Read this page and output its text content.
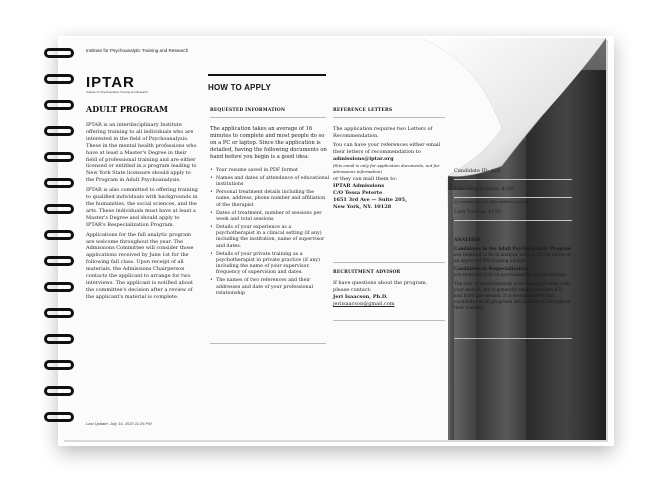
Institute for Psychoanalytic Training and Research
IPTAR
Institute for Psychoanalytic Training and Research
ADULT PROGRAM

IPTAR is an interdisciplinary Institute offering training to all individuals who are interested in the field of Psychoanalysis. These in the mental health professions who have at least a Master's Degree in their field of professional training and are either licensed or entitled in a program leading to New York State licensure should apply to the Program in Adult Psychoanalysis.

IPTAR is also committed to offering training to qualified individuals with backgrounds in the humanities, the social sciences, and the arts. These individuals must have at least a Master's Degree and should apply to IPTAR's Respecialization Program.

Applications for the full analytic program are welcome throughout the year. The Admissions Committee will consider those applications received by June 1st for the following fall class. Upon receipt of all materials, the Admissions Chairperson contacts the applicant to arrange for two interviews. The applicant is notified about the committee's decision after a review of the applicant's material is complete.

HOW TO APPLY
REQUESTED INFORMATION
The application takes an average of 16 minutes to complete and most people do so on a PC or laptop. Since the application is detailed, having the following documents on hand before you begin is a good idea:
• Your resume saved in PDF format
• Names and dates of attendance of educational institutions
• Personal treatment details including the name, address, phone number and affiliation of the therapist
• Dates of treatment, number of sessions per week and total sessions
• Details of your experience as a psychotherapist in a clinical setting (if any) including the institution, name of supervisor and dates.
• Details of your private training as a psychotherapist in private practice (if any) including the name of your supervisor, frequency of supervision and dates.
• The names of two references and their addresses and date of your professional relationship
REFERENCE LETTERS

The application requires two Letters of Recommendation.

You can have your references either email their letters of recommendation to

admissions@iptar.org

(this email is only for application documents, not for admissions information)

or they can mail them to:

IPTAR Admissions

C/O Tessa Peterte

1651 3rd Ave — Suite 205,

New York, NY. 10128

RECRUITMENT ADVISOR

If have questions about the program, please contact:

Jeri Isaacson, Ph.D.

jeriisaacson@gmail.com

Candidate ID: $25
Late Registration: $150
(if candidate enrolls after add/drop period)
Late Tuition: $150
ANALYSIS

Candidates in the Adult Psychoanalytic Program

are required to be in analysis with an IPTAR fellow or an approved IPA training analyst.

Candidates in Respecialization

are required to be in psychoanalytic psychotherapy.

The cost of psychoanalysis is arranged privately with your analyst, but it generally ranges between $75 and $200 per session. It is recommended that candidates of all programs are in analysis throughout their training.

Last Update: July 14, 2020 11:26 PM	1
